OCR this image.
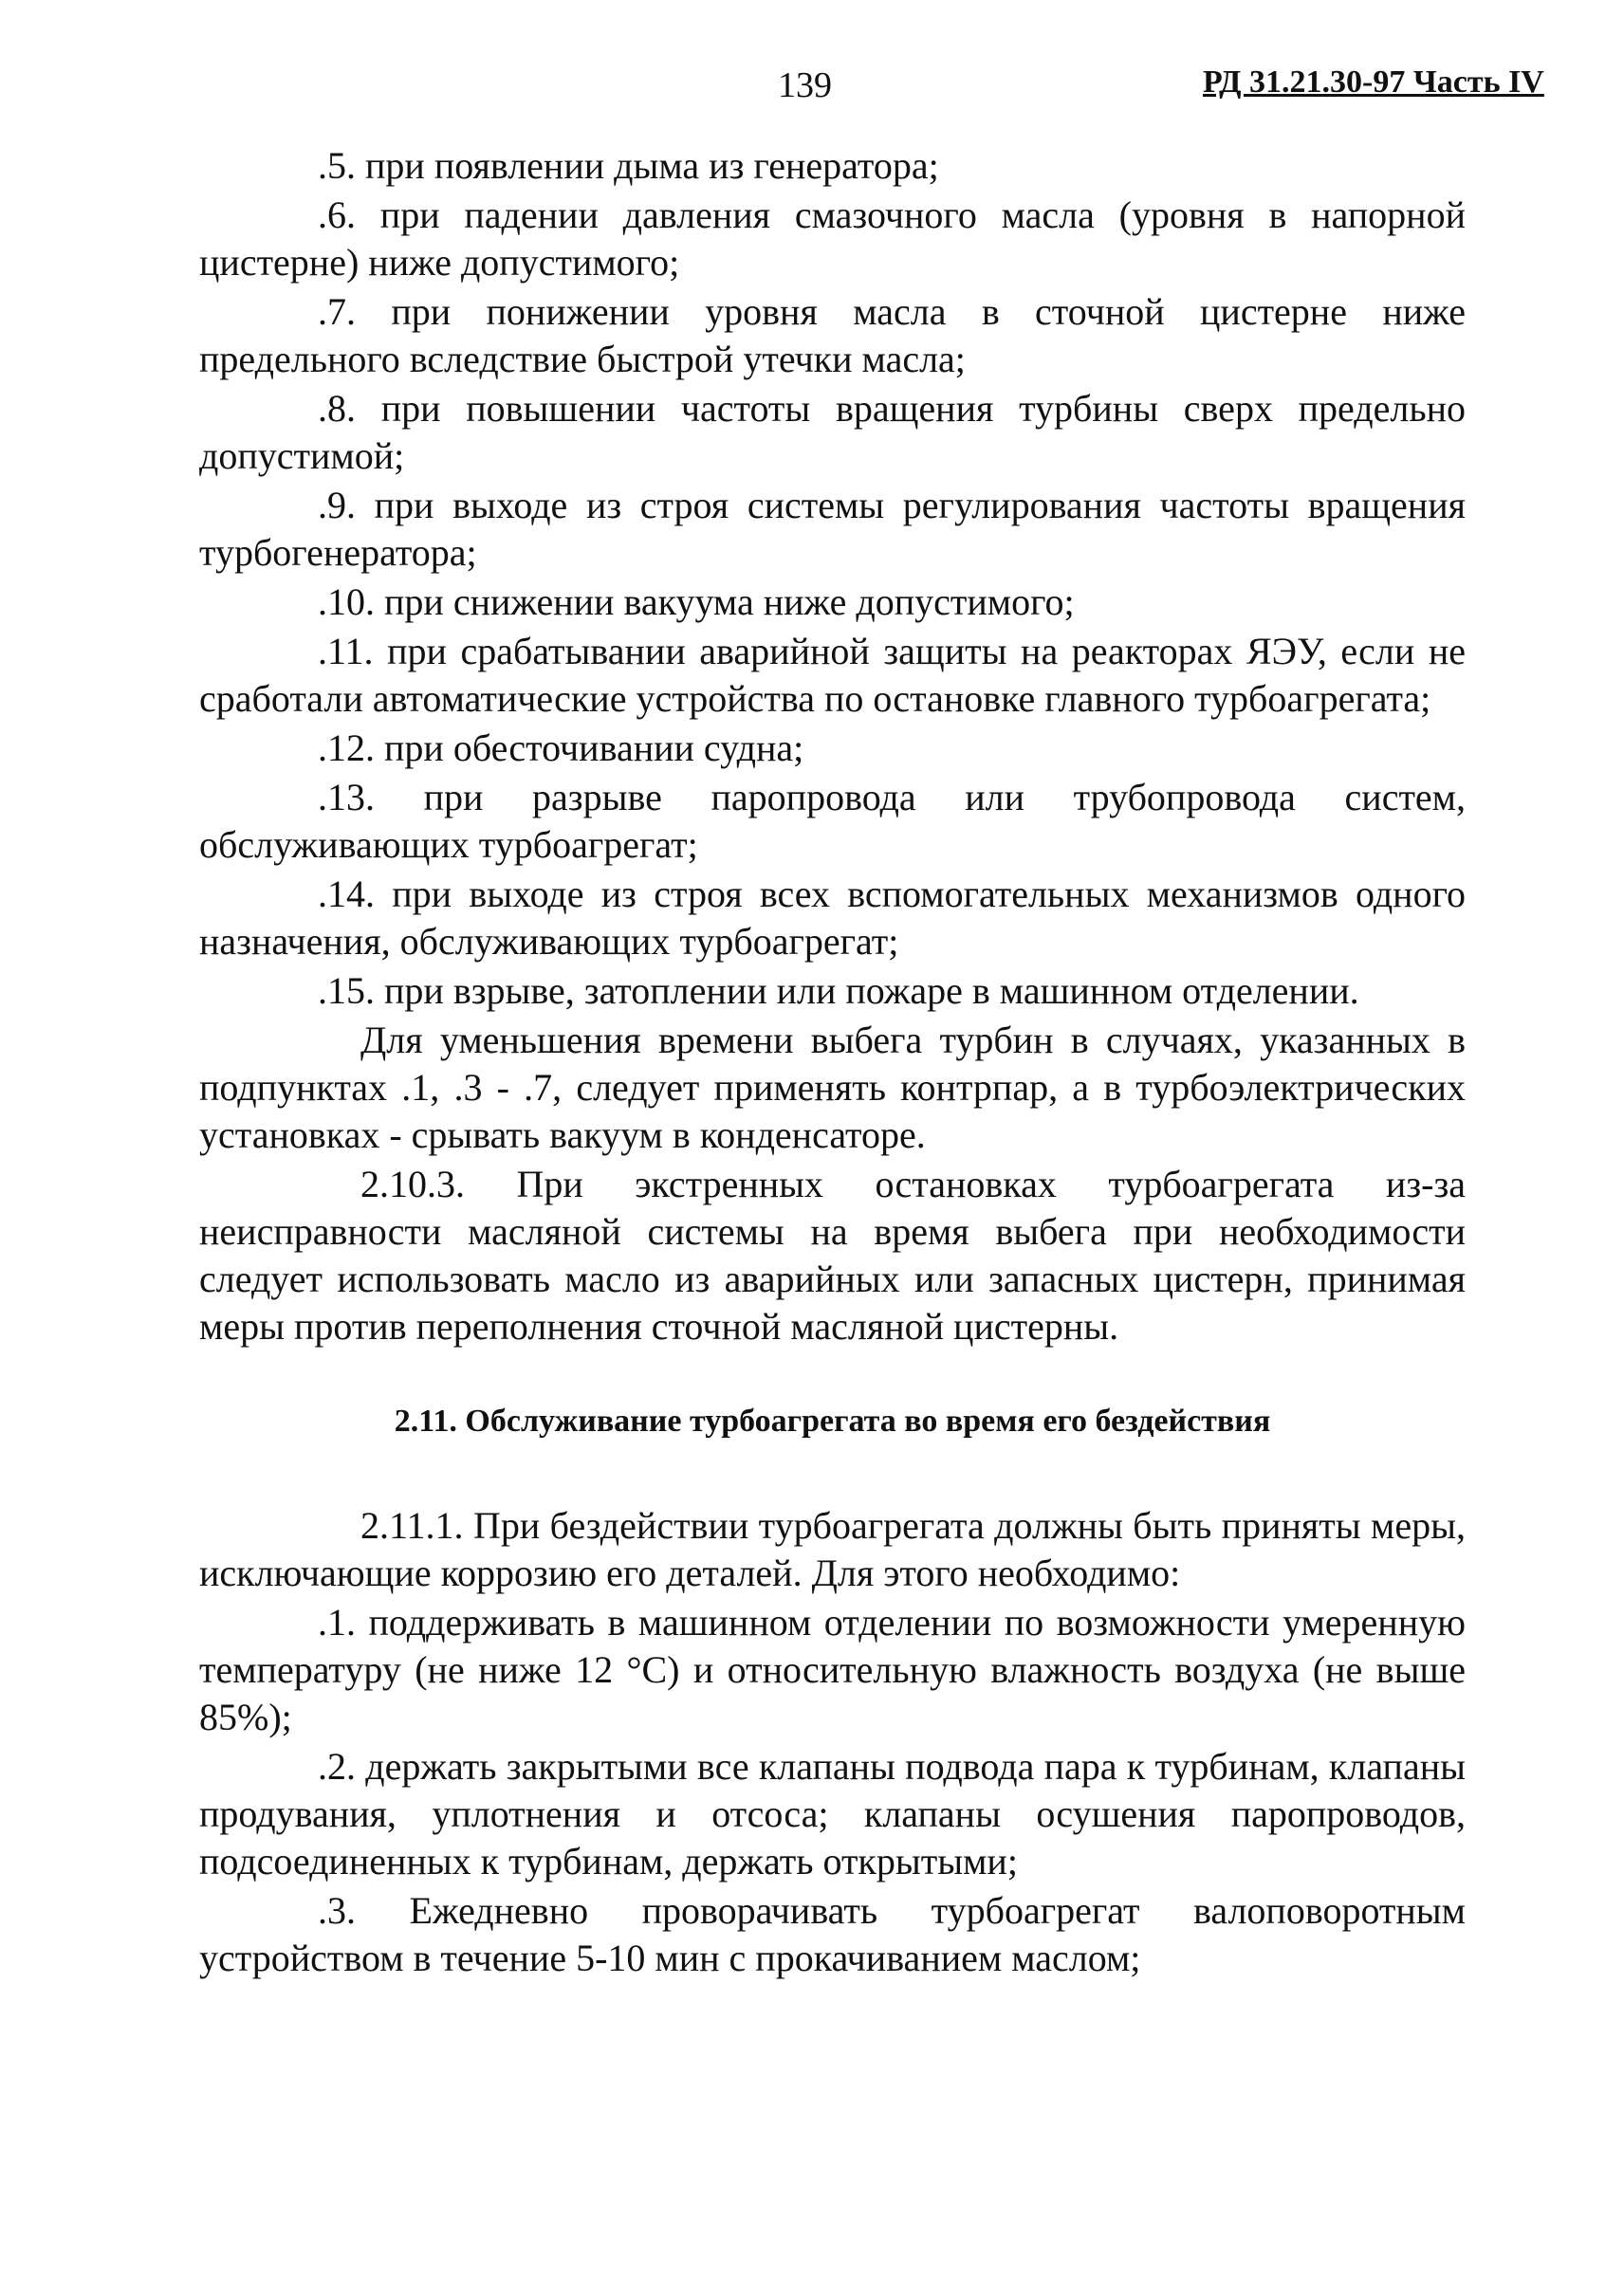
139	РД 31.21.30-97 Часть IV

.5. при появлении дыма из генератора;

.6. при падении давления смазочного масла (уровня в напорной цистерне) ниже допустимого;

.7. при понижении уровня масла в сточной цистерне ниже предельного вследствие быстрой утечки масла;

.8. при повышении частоты вращения турбины сверх предельно допустимой;

.9. при выходе из строя системы регулирования частоты вращения турбогенератора;

.10. при снижении вакуума ниже допустимого;

.11. при срабатывании аварийной защиты на реакторах ЯЭУ, если не сработали автоматические устройства по остановке главного турбоагрегата;

.12. при обесточивании судна;

.13. при разрыве паропровода или трубопровода систем, обслуживающих турбоагрегат;

.14. при выходе из строя всех вспомогательных механизмов одного назначения, обслуживающих турбоагрегат;

.15. при взрыве, затоплении или пожаре в машинном отделении.

Для уменьшения времени выбега турбин в случаях, указанных в подпунктах .1, .3 - .7, следует применять контрпар, а в турбоэлектрических установках - срывать вакуум в конденсаторе.

2.10.3. При экстренных остановках турбоагрегата из-за неисправности масляной системы на время выбега при необходимости следует использовать масло из аварийных или запасных цистерн, принимая меры против переполнения сточной масляной цистерны.

2.11. Обслуживание турбоагрегата во время его бездействия

2.11.1. При бездействии турбоагрегата должны быть приняты меры, исключающие коррозию его деталей. Для этого необходимо:

.1. поддерживать в машинном отделении по возможности умеренную температуру (не ниже 12 °С) и относительную влажность воздуха (не выше 85%);

.2. держать закрытыми все клапаны подвода пара к турбинам, клапаны продувания, уплотнения и отсоса; клапаны осушения паропроводов, подсоединенных к турбинам, держать открытыми;

.3. Ежедневно проворачивать турбоагрегат валоповоротным устройством в течение 5-10 мин с прокачиванием маслом;
